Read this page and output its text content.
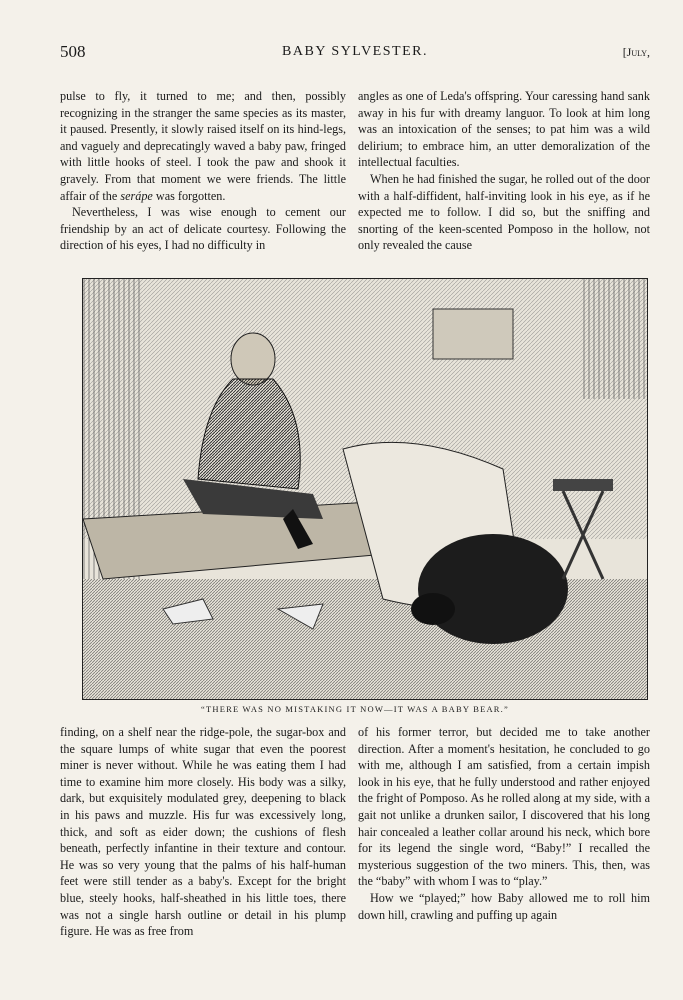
508	BABY SYLVESTER.	[July,

pulse to fly, it turned to me; and then, possibly recognizing in the stranger the same species as its master, it paused. Presently, it slowly raised itself on its hind-legs, and vaguely and deprecatingly waved a baby paw, fringed with little hooks of steel. I took the paw and shook it gravely. From that moment we were friends. The little affair of the serápe was forgotten.

Nevertheless, I was wise enough to cement our friendship by an act of delicate courtesy. Following the direction of his eyes, I had no difficulty in

angles as one of Leda's offspring. Your caressing hand sank away in his fur with dreamy languor. To look at him long was an intoxication of the senses; to pat him was a wild delirium; to embrace him, an utter demoralization of the intellectual faculties.

When he had finished the sugar, he rolled out of the door with a half-diffident, half-inviting look in his eye, as if he expected me to follow. I did so, but the sniffing and snorting of the keen-scented Pomposo in the hollow, not only revealed the cause

“THERE WAS NO MISTAKING IT NOW—IT WAS A BABY BEAR.”

finding, on a shelf near the ridge-pole, the sugar-box and the square lumps of white sugar that even the poorest miner is never without. While he was eating them I had time to examine him more closely. His body was a silky, dark, but exquisitely modulated grey, deepening to black in his paws and muzzle. His fur was excessively long, thick, and soft as eider down; the cushions of flesh beneath, perfectly infantine in their texture and contour. He was so very young that the palms of his half-human feet were still tender as a baby's. Except for the bright blue, steely hooks, half-sheathed in his little toes, there was not a single harsh outline or detail in his plump figure. He was as free from

of his former terror, but decided me to take another direction. After a moment's hesitation, he concluded to go with me, although I am satisfied, from a certain impish look in his eye, that he fully understood and rather enjoyed the fright of Pomposo. As he rolled along at my side, with a gait not unlike a drunken sailor, I discovered that his long hair concealed a leather collar around his neck, which bore for its legend the single word, “Baby!” I recalled the mysterious suggestion of the two miners. This, then, was the “baby” with whom I was to “play.”

How we “played;” how Baby allowed me to roll him down hill, crawling and puffing up again
